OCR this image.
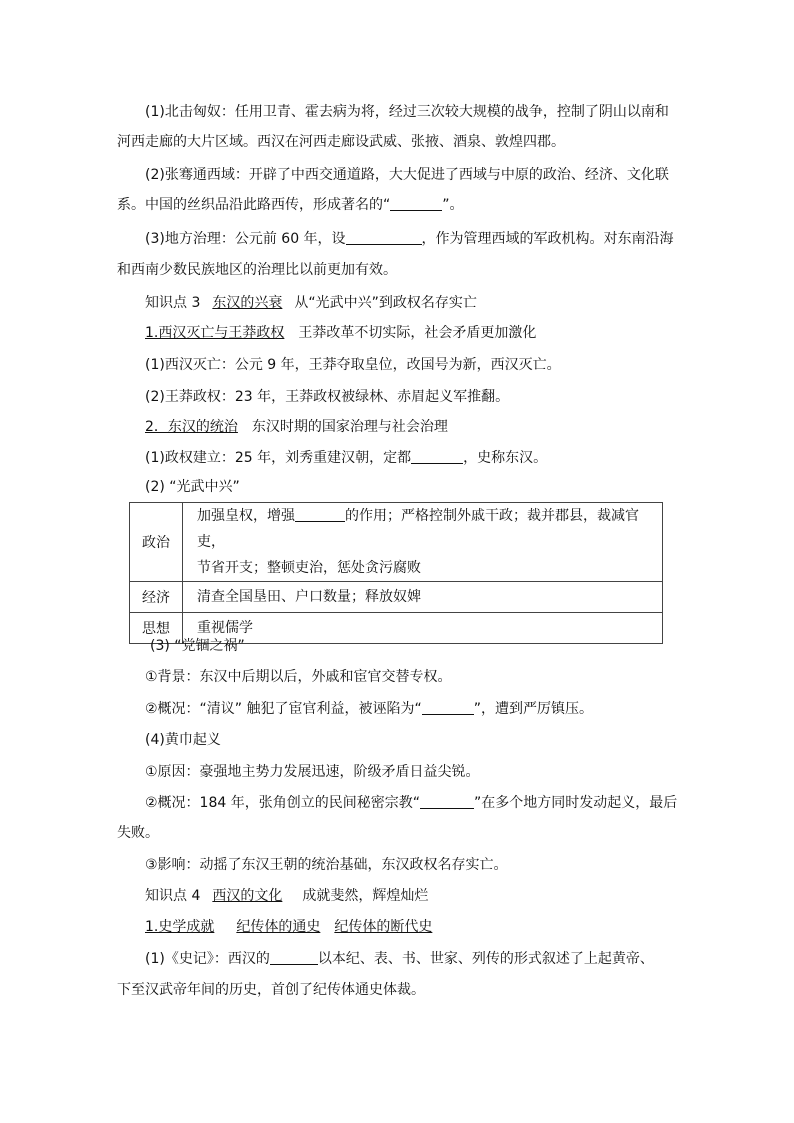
(1)北击匈奴：任用卫青、霍去病为将，经过三次较大规模的战争，控制了阴山以南和
河西走廊的大片区域。西汉在河西走廊设武威、张掖、酒泉、敦煌四郡。
(2)张骞通西域：开辟了中西交通道路，大大促进了西域与中原的政治、经济、文化联
系。中国的丝织品沿此路西传，形成著名的“	”。
(3)地方治理：公元前 60 年，设	，作为管理西域的军政机构。对东南沿海
和西南少数民族地区的治理比以前更加有效。
知识点 3 东汉的兴衰 从“光武中兴”到政权名存实亡
1.西汉灭亡与王莽政权 王莽改革不切实际，社会矛盾更加激化
(1)西汉灭亡：公元 9 年，王莽夺取皇位，改国号为新，西汉灭亡。
(2)王莽政权：23 年，王莽政权被绿林、赤眉起义军推翻。
2．东汉的统治 东汉时期的国家治理与社会治理
(1)政权建立：25 年，刘秀重建汉朝，定都	，史称东汉。
(2) “光武中兴”
政治	加强皇权，增强 的作用；严格控制外戚干政；裁并郡县，裁减官吏，
节省开支；整顿吏治，惩处贪污腐败

经济	清查全国垦田、户口数量；释放奴婢
思想	重视儒学
(3) “党锢之祸”
①背景：东汉中后期以后，外戚和宦官交替专权。
②概况：“清议” 触犯了宦官利益，被诬陷为“	”，遭到严厉镇压。
(4)黄巾起义
①原因：豪强地主势力发展迅速，阶级矛盾日益尖锐。
②概况：184 年，张角创立的民间秘密宗教“	”在多个地方同时发动起义，最后
失败。
③影响：动摇了东汉王朝的统治基础，东汉政权名存实亡。
知识点 4 西汉的文化 成就斐然，辉煌灿烂
1.史学成就 纪传体的通史 纪传体的断代史
(1)《史记》：西汉的	以本纪、表、书、世家、列传的形式叙述了上起黄帝、
下至汉武帝年间的历史，首创了纪传体通史体裁。
